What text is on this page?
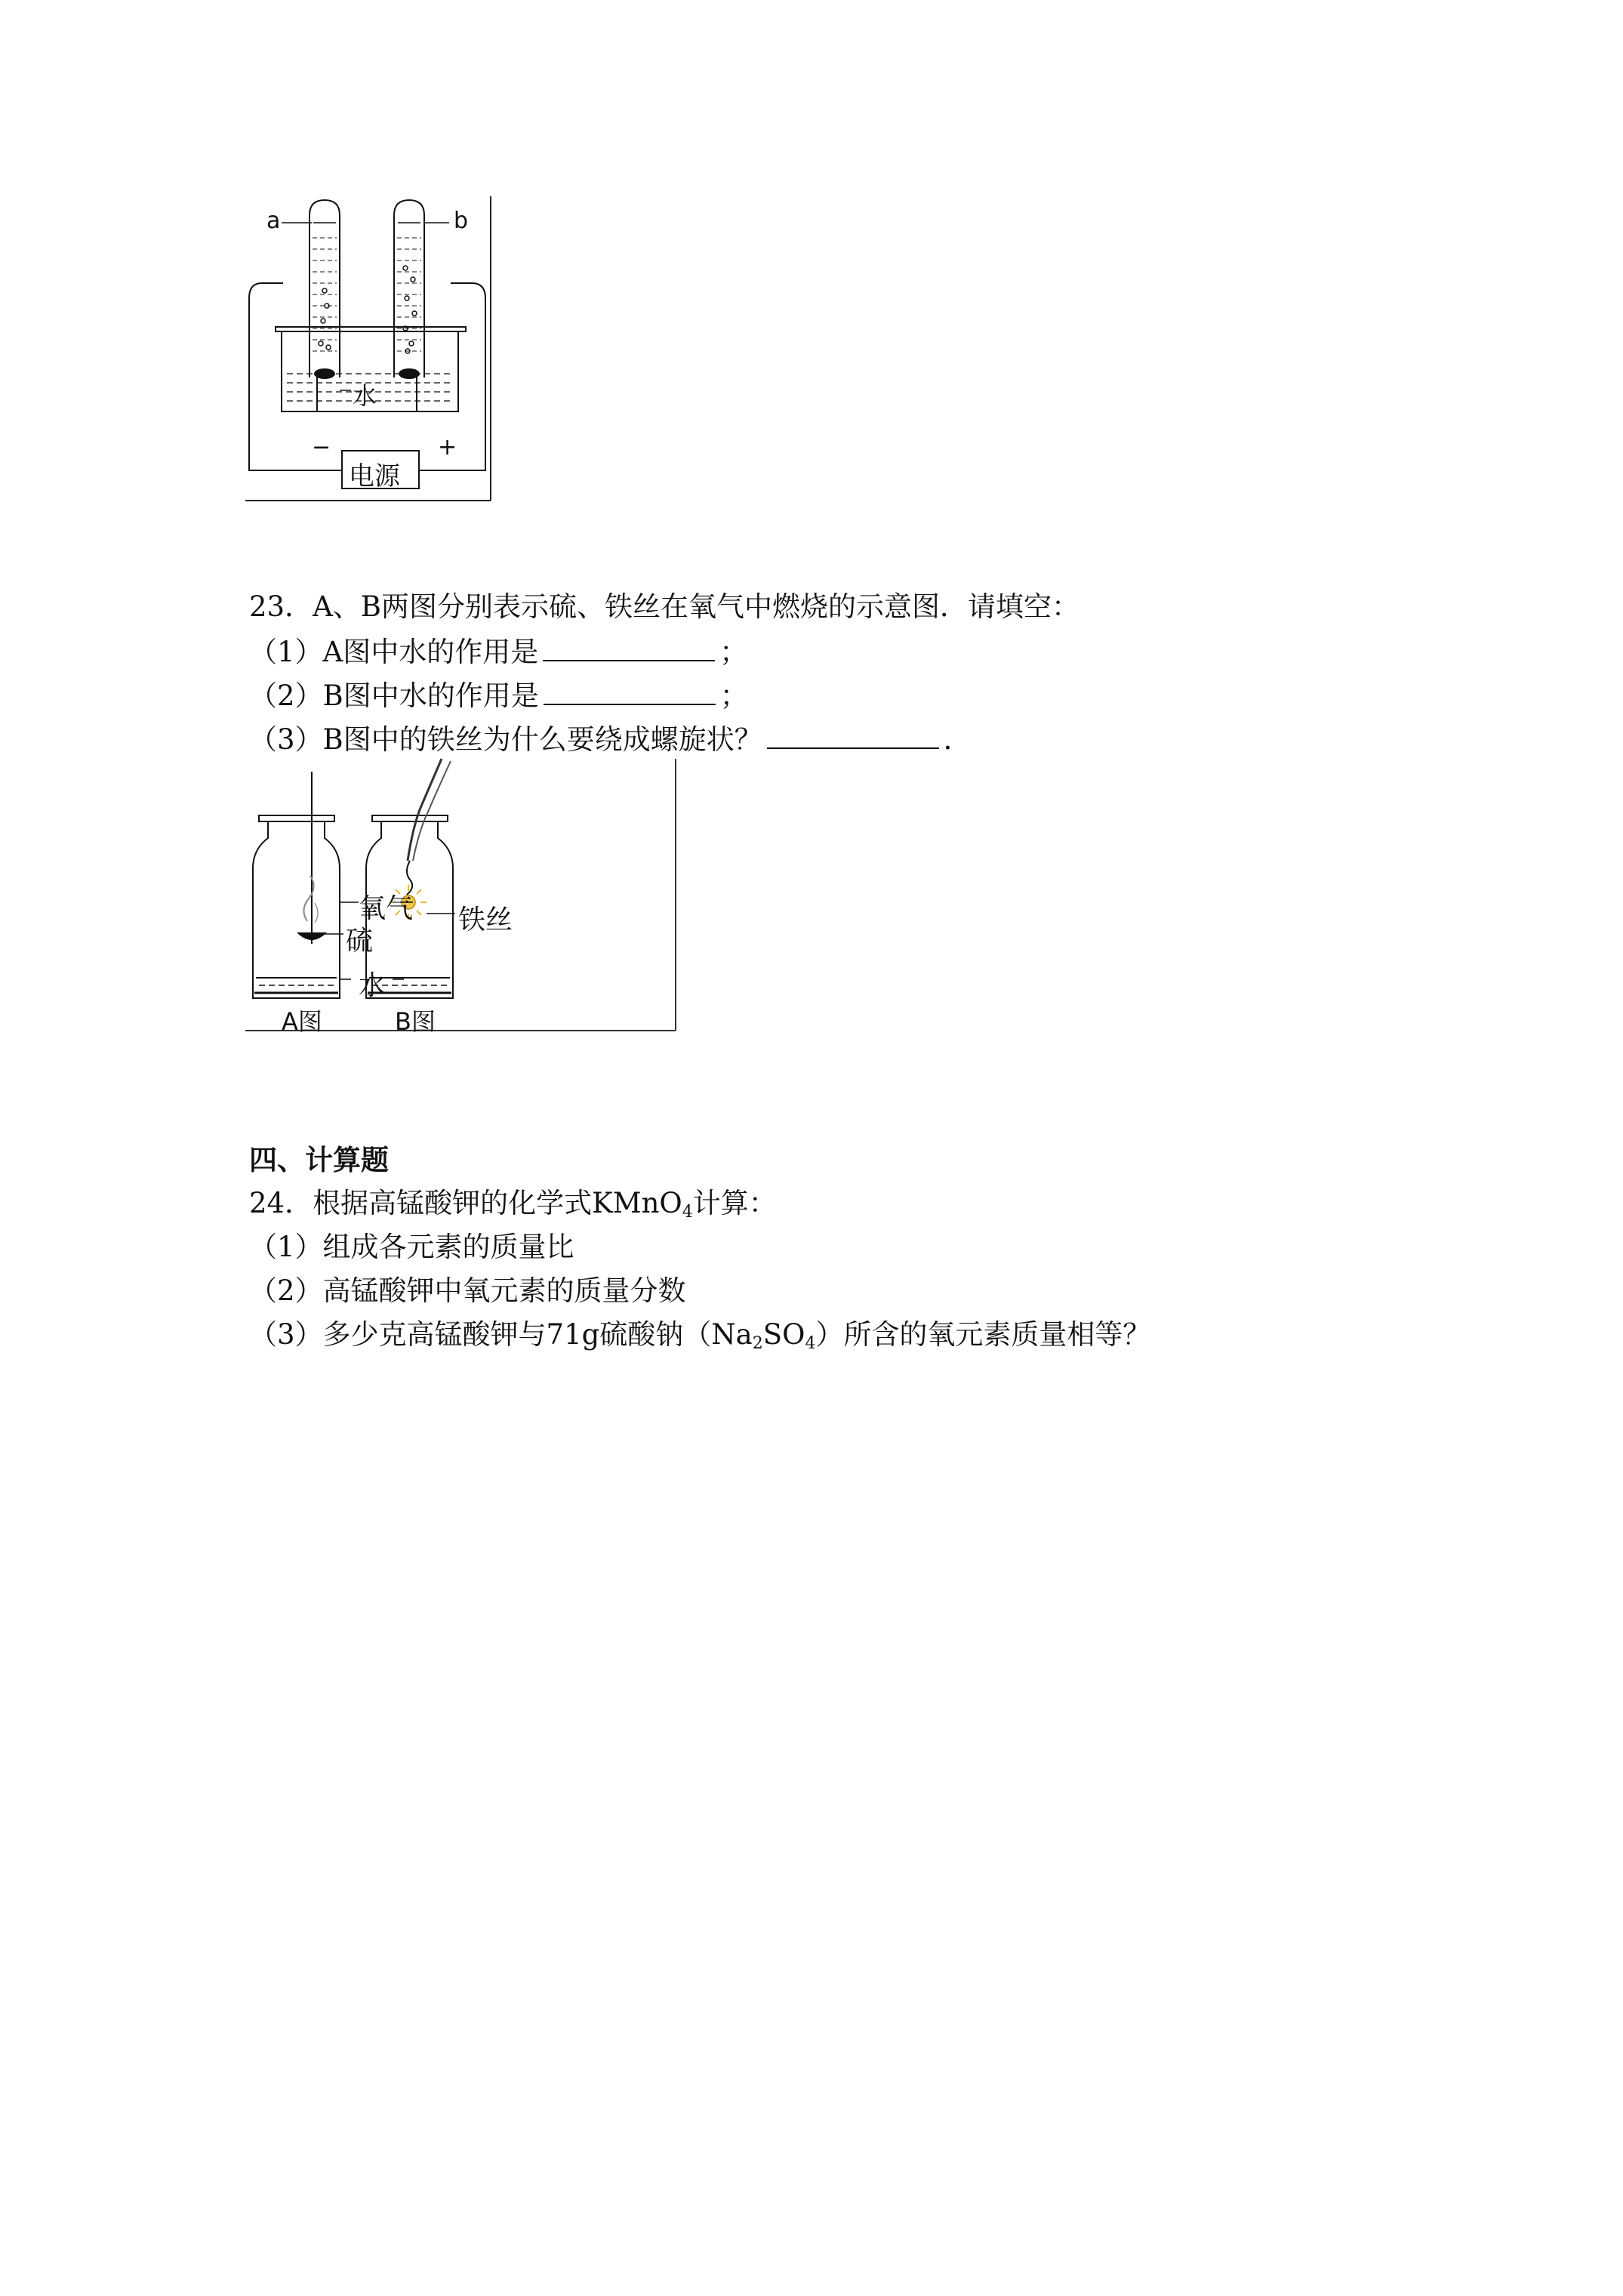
a	b
水
电源
−	+
23．A、B两图分别表示硫、铁丝在氧气中燃烧的示意图．请填空：
（1）A图中水的作用是	；
（2）B图中水的作用是	；
（3）B图中的铁丝为什么要绕成螺旋状？	．
氧气
硫
水
铁丝
A图	B图
四、计算题
24．根据高锰酸钾的化学式KMnO$_4$计算：
（1）组成各元素的质量比
（2）高锰酸钾中氧元素的质量分数
（3）多少克高锰酸钾与71g硫酸钠$(Na_2SO_4)$所含的氧元素质量相等？
